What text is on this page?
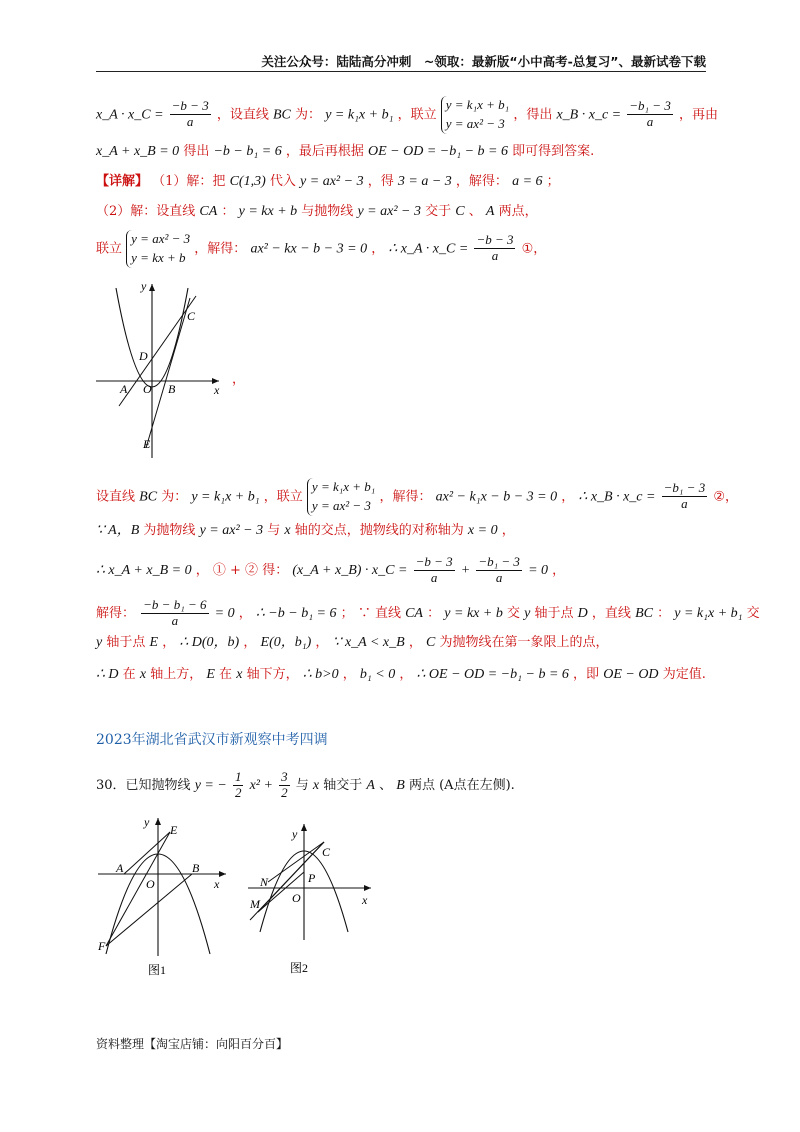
关注公众号：陆陆高分冲刺　~领取：最新版“小中高考-总复习”、最新试卷下载
x_A · x_C = $\frac{-b - 3}{a}$ ，设直线 BC 为： y = k₁x + b₁ ，联立 y = k₁x + b₁
y = ax² − 3 ，得出 x_B · x_c = $\frac{\text{−b₁ − 3}}{a}$ ，再由
x_A + x_B = 0 得出 −b − b₁ = 6 ，最后再根据 OE − OD = −b₁ − b = 6 即可得到答案.
【详解】 （1）解：把 C(1,3) 代入 y = ax² − 3 ，得 3 = a − 3 ，解得： a = 6 ；
（2）解：设直线 CA ： y = kx + b 与抛物线 y = ax² − 3 交于 C 、 A 两点，
联立 y = ax² − 3
y = kx + b ，解得： ax² − kx − b − 3 = 0 ， ∴ x_A · x_C = $\frac{-b - 3}{a}$ ①，
y
x
C
D
A O B
E
，
设直线 BC 为： y = k₁x + b₁ ，联立 y = k₁x + b₁
y = ax² − 3 ，解得： ax² − k₁x − b − 3 = 0 ， ∴ x_B · x_c = $\frac{\text{−b₁ − 3}}{a}$ ②，
∵ A，B 为抛物线 y = ax² − 3 与 x 轴的交点，抛物线的对称轴为 x = 0 ，
∴ x_A + x_B = 0 ， ① + ② 得： (x_A + x_B) · x_C = $\frac{-b - 3}{a} + \frac{\text{−b₁ − 3}}{a} = 0$ ，
解得： $\frac{\text{−b − b₁ − 6}}{a} = 0$ ， ∴ −b − b₁ = 6 ； ∵ 直线 CA ： y = kx + b 交 y 轴于点 D ，直线 BC ： y = k₁x + b₁ 交
y 轴于点 E ， ∴ D(0，b) ， E(0，b₁) ， ∵ x_A < x_B ， C 为抛物线在第一象限上的点，
∴ D 在 x 轴上方， E 在 x 轴下方， ∴ b>0 ， b₁ < 0 ， ∴ OE − OD = −b₁ − b = 6 ，即 OE − OD 为定值.
2023年湖北省武汉市新观察中考四调
30．已知抛物线 y = − $\frac{1}{2} x^2 + \frac{3}{2}$ 与 x 轴交于 A 、 B 两点 (A点在左侧).
y
E
A	B
O	x
F
图1
y
C
N	P
M	O	x
图2
资料整理【淘宝店铺：向阳百分百】
